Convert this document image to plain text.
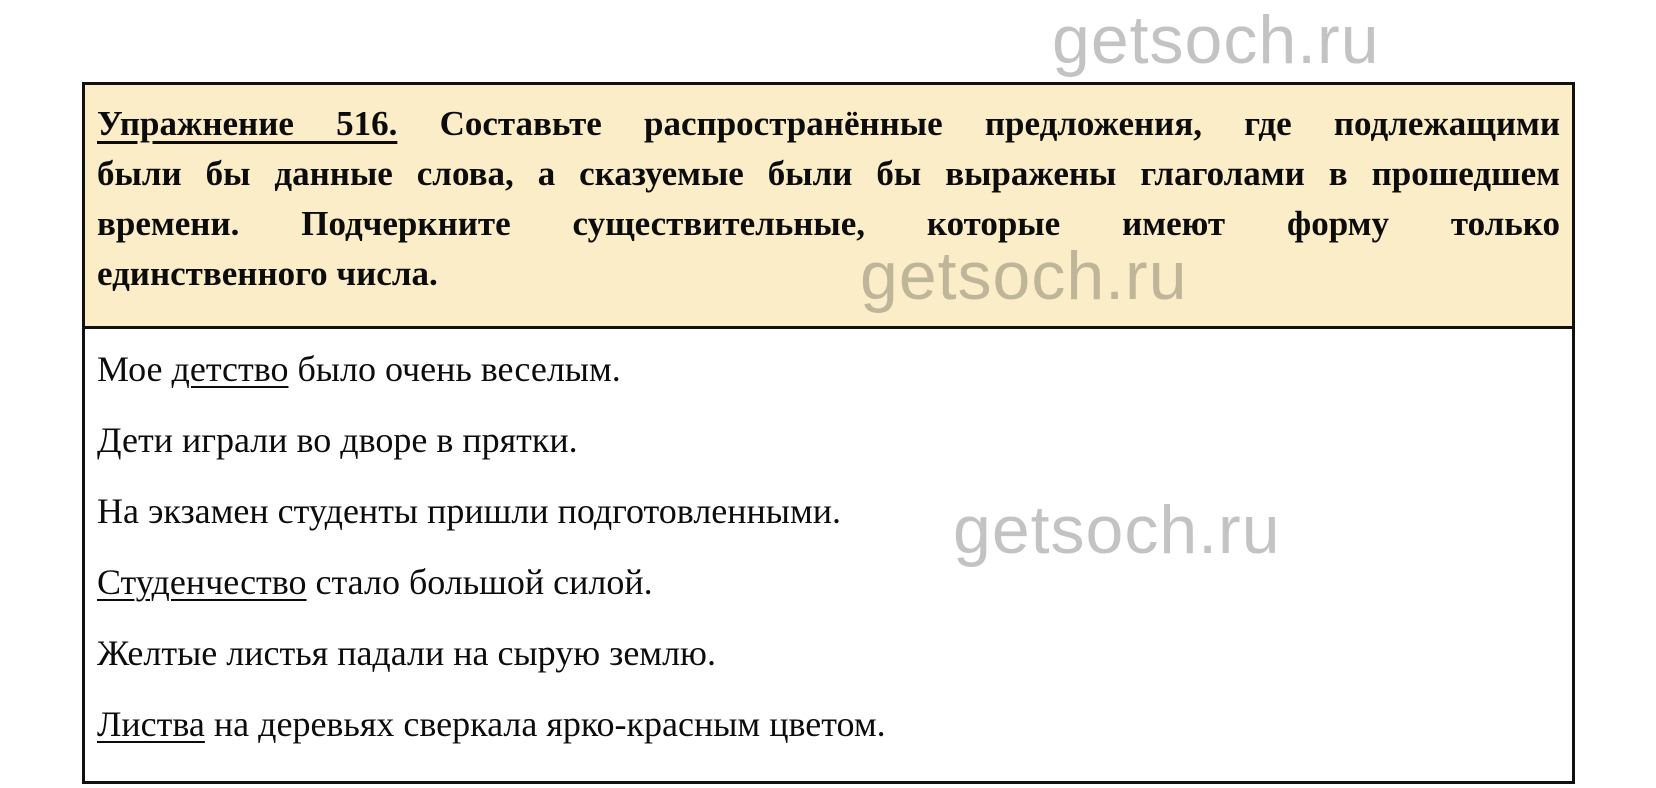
getsoch.ru
getsoch.ru
getsoch.ru
Упражнение 516. Составьте распространённые предложения, где подлежащими
были бы данные слова, а сказуемые были бы выражены глаголами в прошедшем
времени. Подчеркните существительные, которые имеют форму только
единственного числа.

Мое детство было очень веселым.

Дети играли во дворе в прятки.

На экзамен студенты пришли подготовленными.

Студенчество стало большой силой.

Желтые листья падали на сырую землю.

Листва на деревьях сверкала ярко-красным цветом.
